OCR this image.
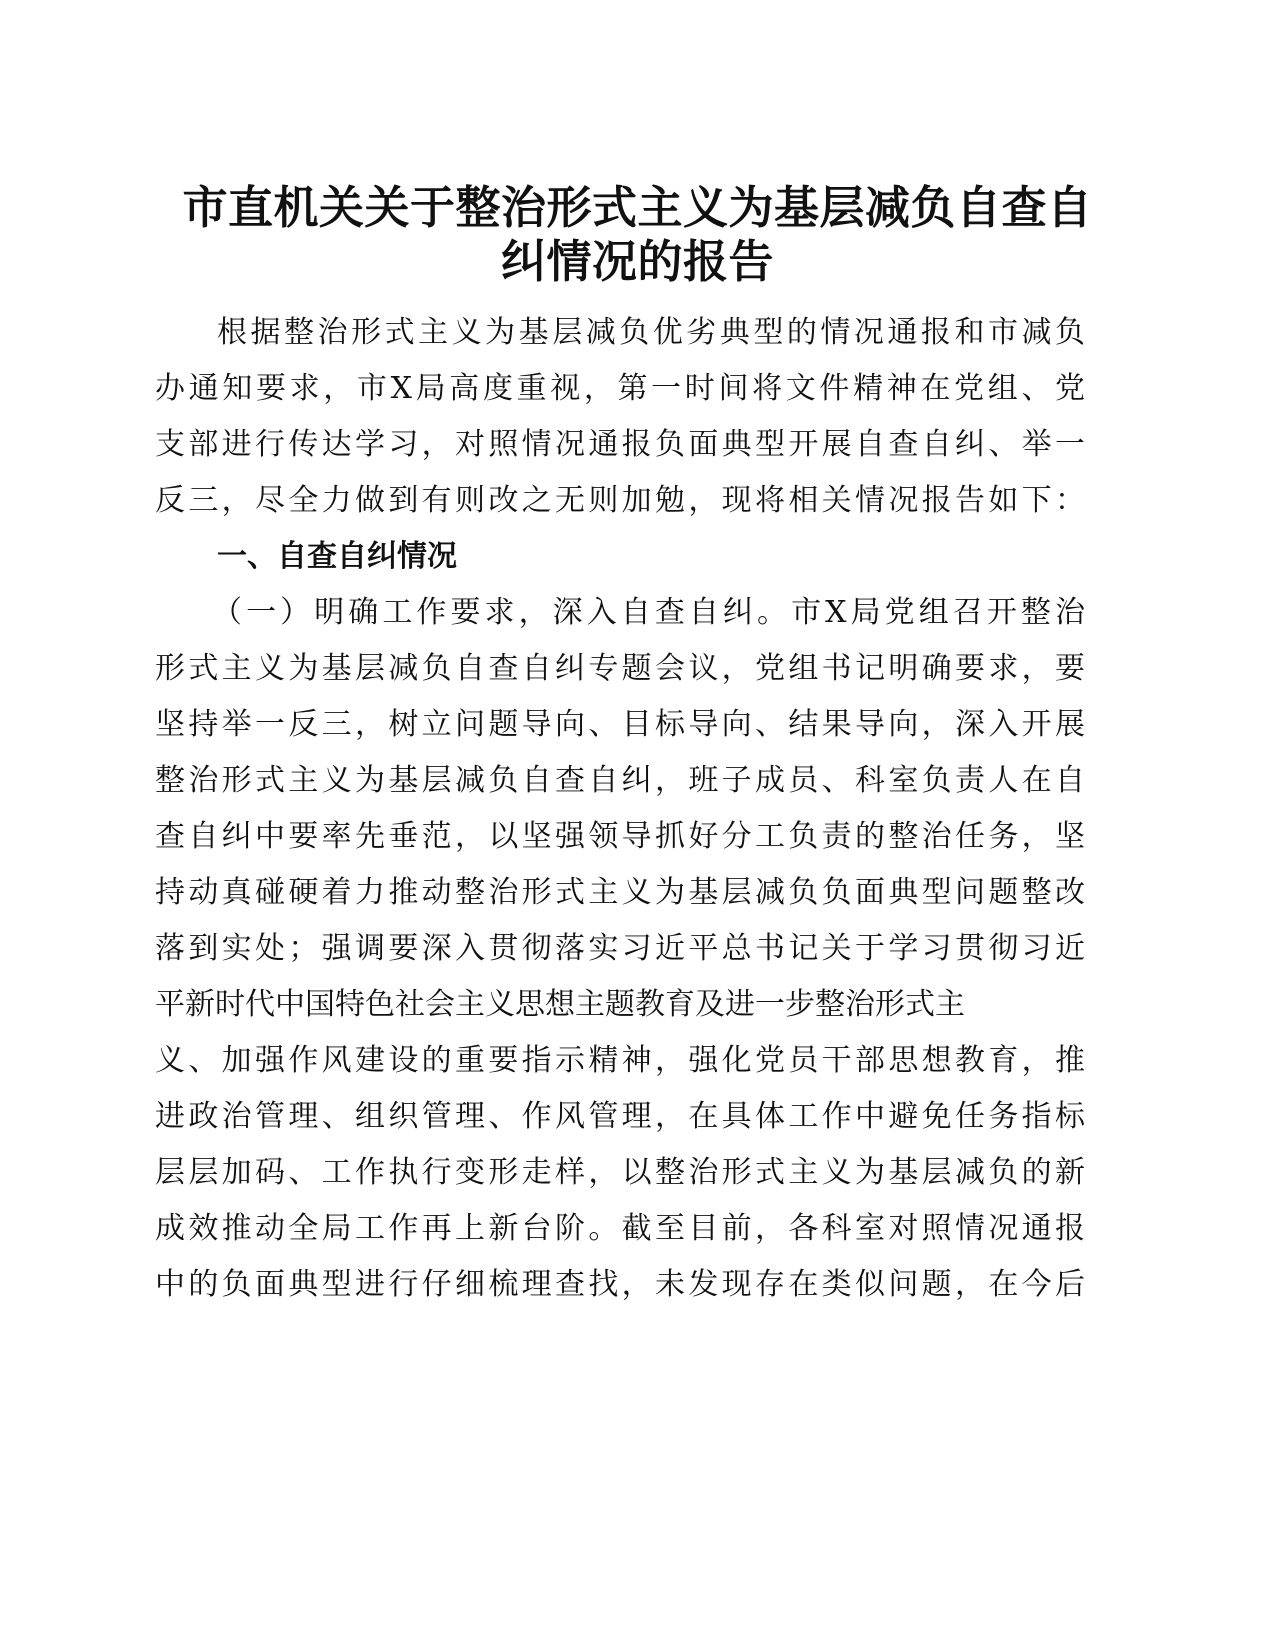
市直机关关于整治形式主义为基层减负自查自
纠情况的报告
根据整治形式主义为基层减负优劣典型的情况通报和市减负
办通知要求，市X局高度重视，第一时间将文件精神在党组、党
支部进行传达学习，对照情况通报负面典型开展自查自纠、举一
反三，尽全力做到有则改之无则加勉，现将相关情况报告如下：
一、自查自纠情况
（一）明确工作要求，深入自查自纠。市X局党组召开整治
形式主义为基层减负自查自纠专题会议，党组书记明确要求，要
坚持举一反三，树立问题导向、目标导向、结果导向，深入开展
整治形式主义为基层减负自查自纠，班子成员、科室负责人在自
查自纠中要率先垂范，以坚强领导抓好分工负责的整治任务，坚
持动真碰硬着力推动整治形式主义为基层减负负面典型问题整改
落到实处；强调要深入贯彻落实习近平总书记关于学习贯彻习近
平新时代中国特色社会主义思想主题教育及进一步整治形式主
义、加强作风建设的重要指示精神，强化党员干部思想教育，推
进政治管理、组织管理、作风管理，在具体工作中避免任务指标
层层加码、工作执行变形走样，以整治形式主义为基层减负的新
成效推动全局工作再上新台阶。截至目前，各科室对照情况通报
中的负面典型进行仔细梳理查找，未发现存在类似问题，在今后
